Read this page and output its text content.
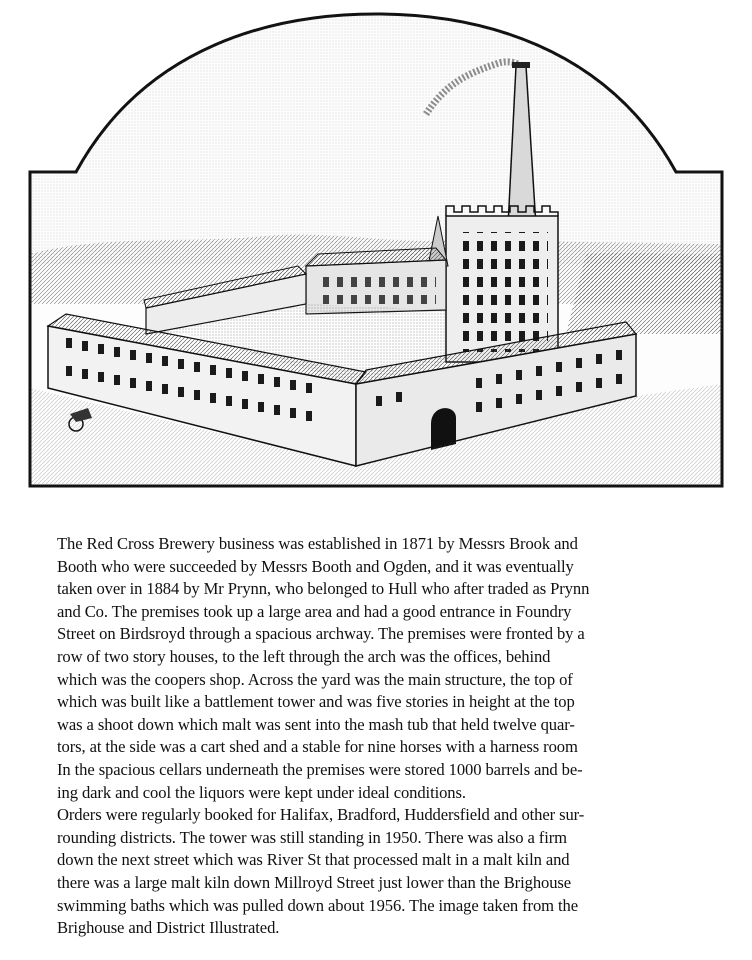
The Red Cross Brewery business was established in 1871 by Messrs Brook and
Booth who were succeeded by Messrs Booth and Ogden, and it was eventually
taken over in 1884 by Mr Prynn, who belonged to Hull who after traded as Prynn
and Co. The premises took up a large area and had a good entrance in Foundry
Street on Birdsroyd through a spacious archway. The premises were fronted by a
row of two story houses, to the left through the arch was the offices, behind
which was the coopers shop. Across the yard was the main structure, the top of
which was built like a battlement tower and was five stories in height at the top
was a shoot down which malt was sent into the mash tub that held twelve quar-
tors, at the side was a cart shed and a stable for nine horses with a harness room
In the spacious cellars underneath the premises were stored 1000 barrels and be-
ing dark and cool the liquors were kept under ideal conditions.
Orders were regularly booked for Halifax, Bradford, Huddersfield and other sur-
rounding districts. The tower was still standing in 1950. There was also a firm
down the next street which was River St that processed malt in a malt kiln and
there was a large malt kiln down Millroyd Street just lower than the Brighouse
swimming baths which was pulled down about 1956. The image taken from the
Brighouse and District Illustrated.
